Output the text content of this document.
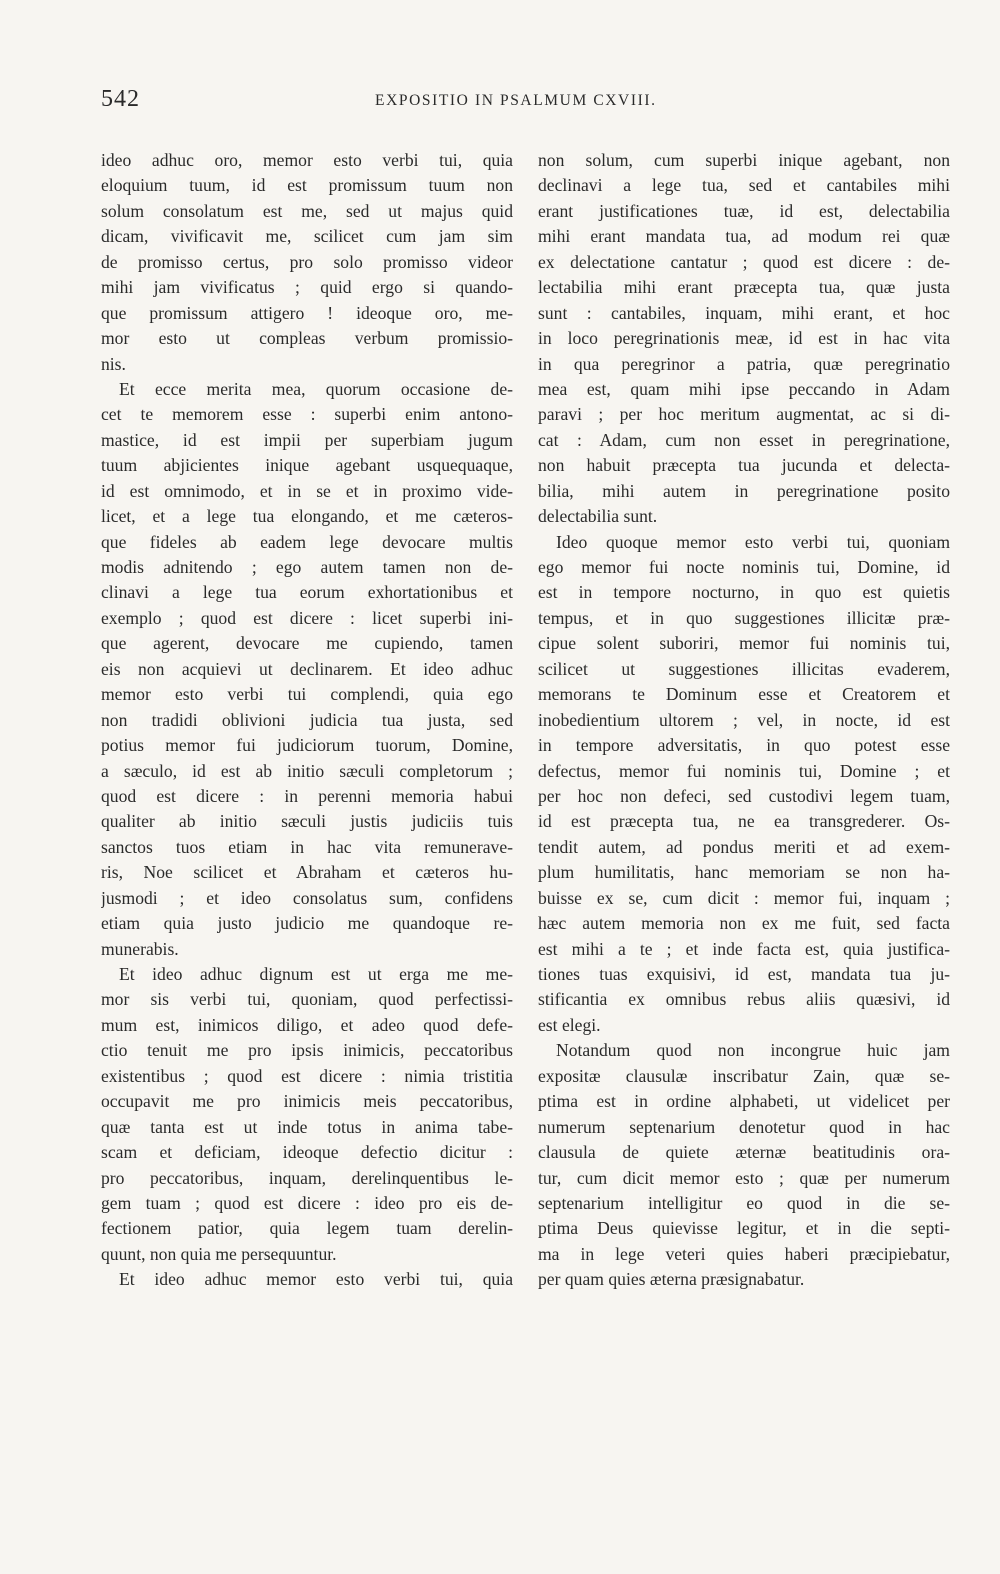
542	EXPOSITIO IN PSALMUM CXVIII.
ideo adhuc oro, memor esto verbi tui, quia
eloquium tuum, id est promissum tuum non
solum consolatum est me, sed ut majus quid
dicam, vivificavit me, scilicet cum jam sim
de promisso certus, pro solo promisso videor
mihi jam vivificatus ; quid ergo si quando-
que promissum attigero ! ideoque oro, me-
mor esto ut compleas verbum promissio-
nis.
Et ecce merita mea, quorum occasione de-
cet te memorem esse : superbi enim antono-
mastice, id est impii per superbiam jugum
tuum abjicientes inique agebant usquequaque,
id est omnimodo, et in se et in proximo vide-
licet, et a lege tua elongando, et me cæteros-
que fideles ab eadem lege devocare multis
modis adnitendo ; ego autem tamen non de-
clinavi a lege tua eorum exhortationibus et
exemplo ; quod est dicere : licet superbi ini-
que agerent, devocare me cupiendo, tamen
eis non acquievi ut declinarem. Et ideo adhuc
memor esto verbi tui complendi, quia ego
non tradidi oblivioni judicia tua justa, sed
potius memor fui judiciorum tuorum, Domine,
a sæculo, id est ab initio sæculi completorum ;
quod est dicere : in perenni memoria habui
qualiter ab initio sæculi justis judiciis tuis
sanctos tuos etiam in hac vita remunerave-
ris, Noe scilicet et Abraham et cæteros hu-
jusmodi ; et ideo consolatus sum, confidens
etiam quia justo judicio me quandoque re-
munerabis.
Et ideo adhuc dignum est ut erga me me-
mor sis verbi tui, quoniam, quod perfectissi-
mum est, inimicos diligo, et adeo quod defe-
ctio tenuit me pro ipsis inimicis, peccatoribus
existentibus ; quod est dicere : nimia tristitia
occupavit me pro inimicis meis peccatoribus,
quæ tanta est ut inde totus in anima tabe-
scam et deficiam, ideoque defectio dicitur :
pro peccatoribus, inquam, derelinquentibus le-
gem tuam ; quod est dicere : ideo pro eis de-
fectionem patior, quia legem tuam derelin-
quunt, non quia me persequuntur.
Et ideo adhuc memor esto verbi tui, quia
non solum, cum superbi inique agebant, non
declinavi a lege tua, sed et cantabiles mihi
erant justificationes tuæ, id est, delectabilia
mihi erant mandata tua, ad modum rei quæ
ex delectatione cantatur ; quod est dicere : de-
lectabilia mihi erant præcepta tua, quæ justa
sunt : cantabiles, inquam, mihi erant, et hoc
in loco peregrinationis meæ, id est in hac vita
in qua peregrinor a patria, quæ peregrinatio
mea est, quam mihi ipse peccando in Adam
paravi ; per hoc meritum augmentat, ac si di-
cat : Adam, cum non esset in peregrinatione,
non habuit præcepta tua jucunda et delecta-
bilia, mihi autem in peregrinatione posito
delectabilia sunt.
Ideo quoque memor esto verbi tui, quoniam
ego memor fui nocte nominis tui, Domine, id
est in tempore nocturno, in quo est quietis
tempus, et in quo suggestiones illicitæ præ-
cipue solent suboriri, memor fui nominis tui,
scilicet ut suggestiones illicitas evaderem,
memorans te Dominum esse et Creatorem et
inobedientium ultorem ; vel, in nocte, id est
in tempore adversitatis, in quo potest esse
defectus, memor fui nominis tui, Domine ; et
per hoc non defeci, sed custodivi legem tuam,
id est præcepta tua, ne ea transgrederer. Os-
tendit autem, ad pondus meriti et ad exem-
plum humilitatis, hanc memoriam se non ha-
buisse ex se, cum dicit : memor fui, inquam ;
hæc autem memoria non ex me fuit, sed facta
est mihi a te ; et inde facta est, quia justifica-
tiones tuas exquisivi, id est, mandata tua ju-
stificantia ex omnibus rebus aliis quæsivi, id
est elegi.
Notandum quod non incongrue huic jam
expositæ clausulæ inscribatur Zain, quæ se-
ptima est in ordine alphabeti, ut videlicet per
numerum septenarium denotetur quod in hac
clausula de quiete æternæ beatitudinis ora-
tur, cum dicit memor esto ; quæ per numerum
septenarium intelligitur eo quod in die se-
ptima Deus quievisse legitur, et in die septi-
ma in lege veteri quies haberi præcipiebatur,
per quam quies æterna præsignabatur.
